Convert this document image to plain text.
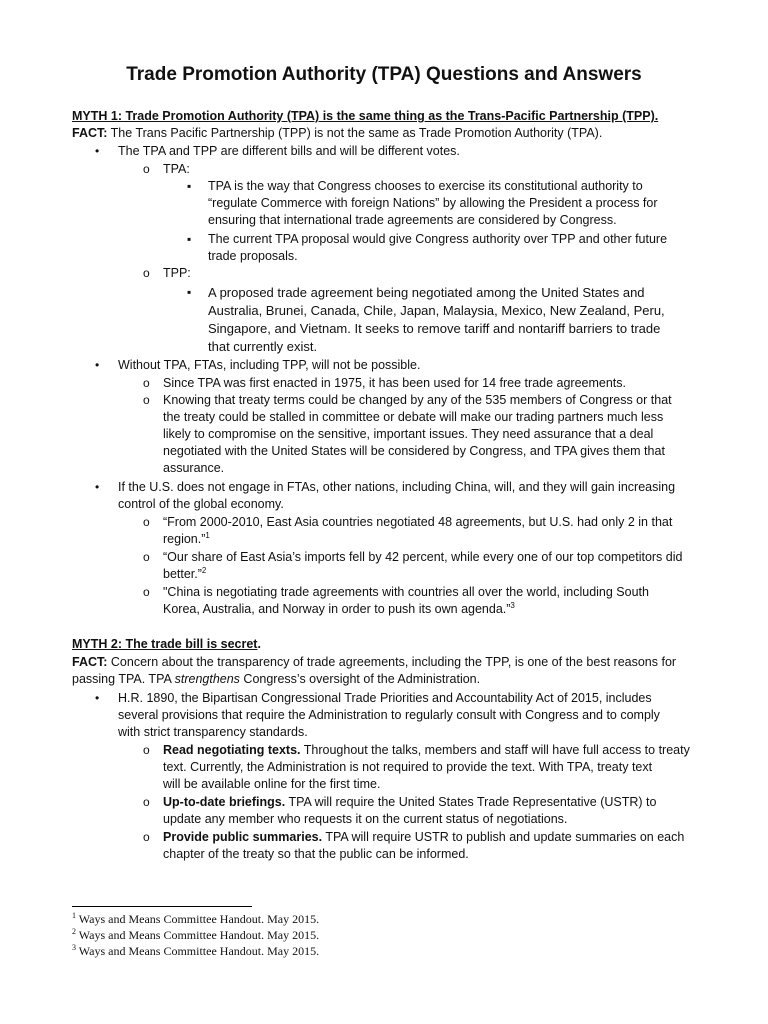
Trade Promotion Authority (TPA) Questions and Answers
MYTH 1: Trade Promotion Authority (TPA) is the same thing as the Trans-Pacific Partnership (TPP).
FACT: The Trans Pacific Partnership (TPP) is not the same as Trade Promotion Authority (TPA).
• The TPA and TPP are different bills and will be different votes.
o TPA:
▪ TPA is the way that Congress chooses to exercise its constitutional authority to
“regulate Commerce with foreign Nations” by allowing the President a process for
ensuring that international trade agreements are considered by Congress.
▪ The current TPA proposal would give Congress authority over TPP and other future
trade proposals.
o TPP:
▪ A proposed trade agreement being negotiated among the United States and
Australia, Brunei, Canada, Chile, Japan, Malaysia, Mexico, New Zealand, Peru,
Singapore, and Vietnam. It seeks to remove tariff and nontariff barriers to trade
that currently exist.
• Without TPA, FTAs, including TPP, will not be possible.
o Since TPA was first enacted in 1975, it has been used for 14 free trade agreements.
o Knowing that treaty terms could be changed by any of the 535 members of Congress or that
the treaty could be stalled in committee or debate will make our trading partners much less
likely to compromise on the sensitive, important issues. They need assurance that a deal
negotiated with the United States will be considered by Congress, and TPA gives them that
assurance.
• If the U.S. does not engage in FTAs, other nations, including China, will, and they will gain increasing
control of the global economy.
o “From 2000-2010, East Asia countries negotiated 48 agreements, but U.S. had only 2 in that
region.”$^1$
o “Our share of East Asia’s imports fell by 42 percent, while every one of our top competitors did
better.”$^2$
o "China is negotiating trade agreements with countries all over the world, including South
Korea, Australia, and Norway in order to push its own agenda.”$^3$
MYTH 2: The trade bill is secret.
FACT: Concern about the transparency of trade agreements, including the TPP, is one of the best reasons for
passing TPA. TPA strengthens Congress’s oversight of the Administration.
• H.R. 1890, the Bipartisan Congressional Trade Priorities and Accountability Act of 2015, includes
several provisions that require the Administration to regularly consult with Congress and to comply
with strict transparency standards.
o Read negotiating texts. Throughout the talks, members and staff will have full access to treaty
text. Currently, the Administration is not required to provide the text. With TPA, treaty text
will be available online for the first time.
o Up-to-date briefings. TPA will require the United States Trade Representative (USTR) to
update any member who requests it on the current status of negotiations.
o Provide public summaries. TPA will require USTR to publish and update summaries on each
chapter of the treaty so that the public can be informed.
$^1$ Ways and Means Committee Handout. May 2015.
$^2$ Ways and Means Committee Handout. May 2015.
$^3$ Ways and Means Committee Handout. May 2015.
